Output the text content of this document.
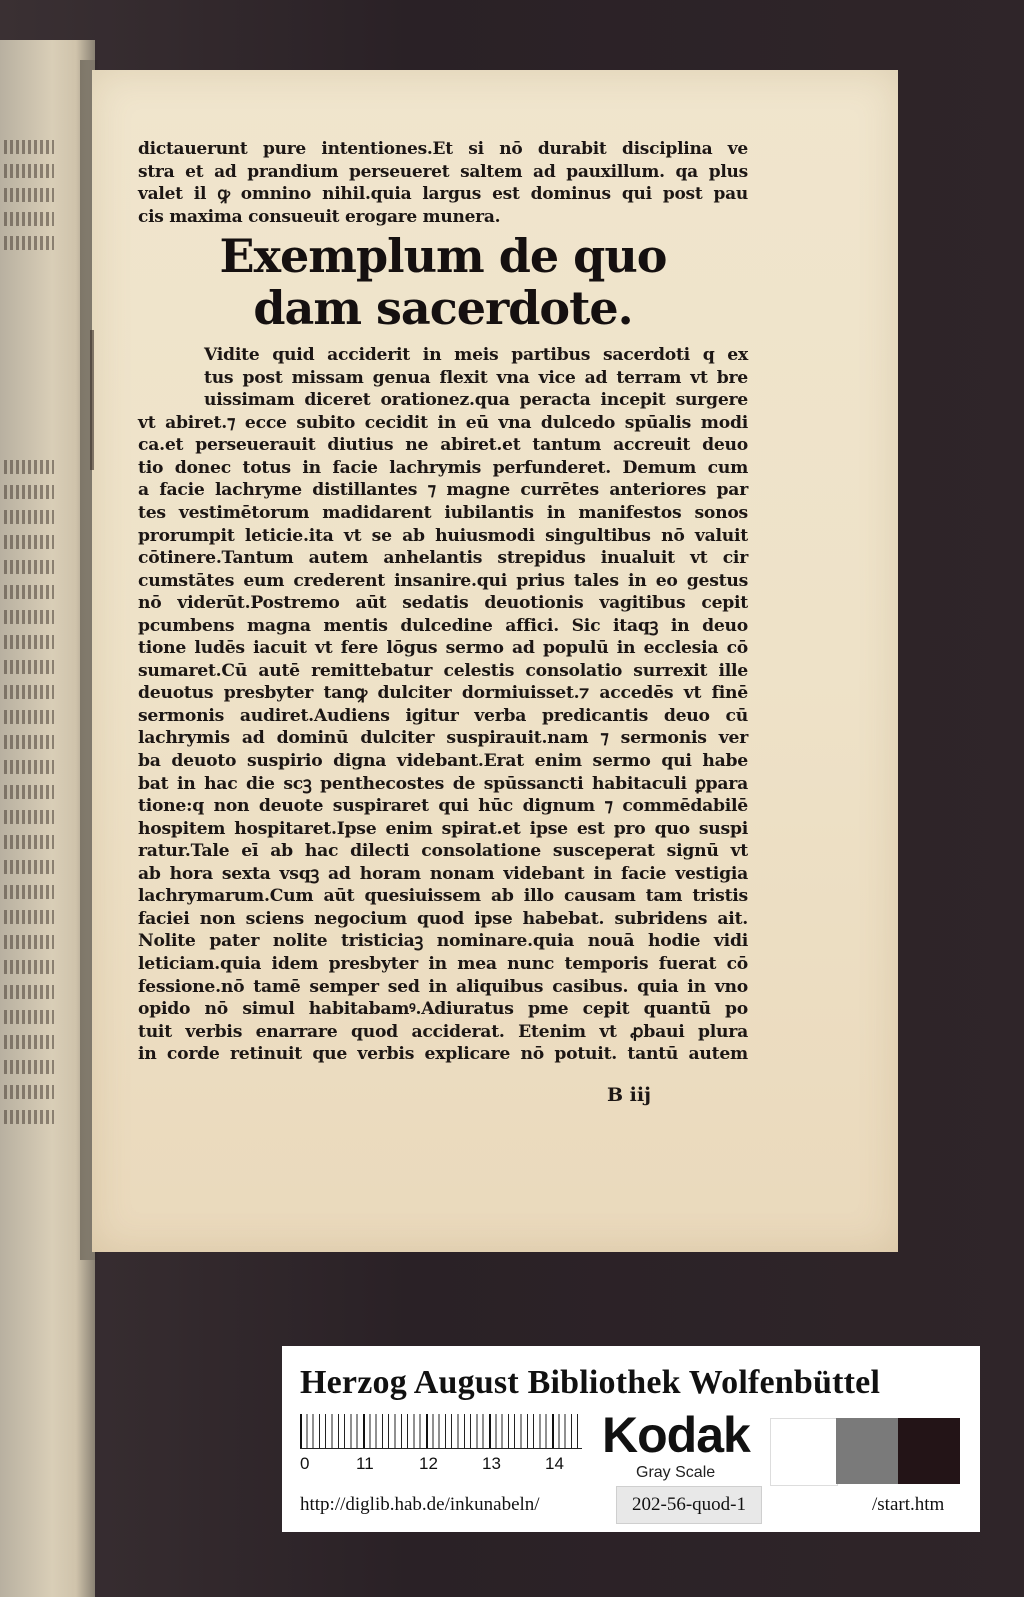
dictauerunt pure intentiones.Et si nō durabit disciplina ve
stra et ad prandium perseueret saltem ad pauxillum. qa plus
valet il ꝙ omnino nihil.quia largus est dominus qui post pau
cis maxima consueuit erogare munera.
Exemplum de quo
dam sacerdote.
Vidite quid acciderit in meis partibus sacerdoti q ex
tus post missam genua flexit vna vice ad terram vt bre
uissimam diceret orationez.qua peracta incepit surgere
vt abiret.⁊ ecce subito cecidit in eū vna dulcedo spūalis modi
ca.et perseuerauit diutius ne abiret.et tantum accreuit deuo
tio donec totus in facie lachrymis perfunderet. Demum cum
a facie lachryme distillantes ⁊ magne currētes anteriores par
tes vestimētorum madidarent iubilantis in manifestos sonos
prorumpit leticie.ita vt se ab huiusmodi singultibus nō valuit
cōtinere.Tantum autem anhelantis strepidus inualuit vt cir
cumstātes eum crederent insanire.qui prius tales in eo gestus
nō viderūt.Postremo aūt sedatis deuotionis vagitibus cepit
pcumbens magna mentis dulcedine affici. Sic itaqꝫ in deuo
tione ludēs iacuit vt fere lōgus sermo ad populū in ecclesia cō
sumaret.Cū autē remittebatur celestis consolatio surrexit ille
deuotus presbyter tanꝙ dulciter dormiuisset.⁊ accedēs vt finē
sermonis audiret.Audiens igitur verba predicantis deuo cū
lachrymis ad dominū dulciter suspirauit.nam ⁊ sermonis ver
ba deuoto suspirio digna videbant.Erat enim sermo qui habe
bat in hac die scꝫ penthecostes de spūssancti habitaculi ꝑpara
tione:q non deuote suspiraret qui hūc dignum ⁊ commēdabilē
hospitem hospitaret.Ipse enim spirat.et ipse est pro quo suspi
ratur.Tale eī ab hac dilecti consolatione susceperat signū vt
ab hora sexta vsqꝫ ad horam nonam videbant in facie vestigia
lachrymarum.Cum aūt quesiuissem ab illo causam tam tristis
faciei non sciens negocium quod ipse habebat. subridens ait.
Nolite pater nolite tristiciaꝫ nominare.quia nouā hodie vidi
leticiam.quia idem presbyter in mea nunc temporis fuerat cō
fessione.nō tamē semper sed in aliquibus casibus. quia in vno
opido nō simul habitabamꝰ.Adiuratus pme cepit quantū po
tuit verbis enarrare quod acciderat. Etenim vt ꝓbaui plura
in corde retinuit que verbis explicare nō potuit. tantū autem
B iij
Herzog August Bibliothek Wolfenbüttel
0	11	12	13	14
Kodak
Gray Scale
http://diglib.hab.de/inkunabeln/	202-56-quod-1	/start.htm
